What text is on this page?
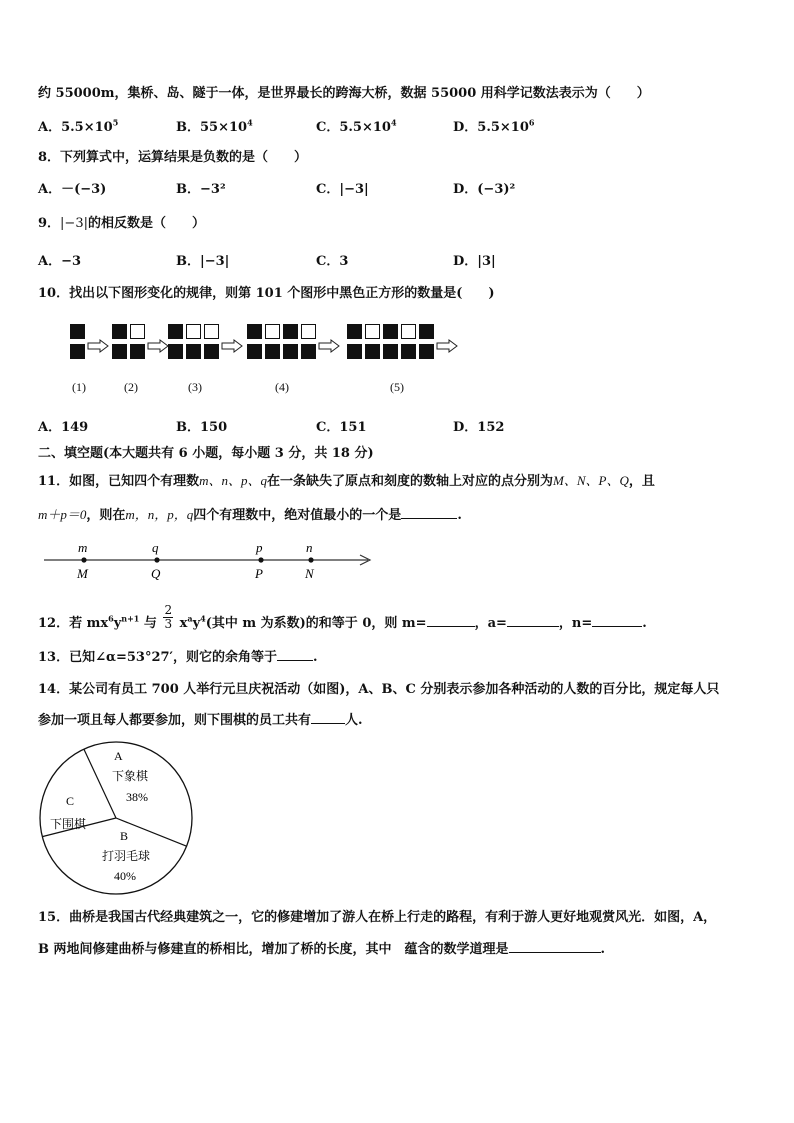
约 55000m，集桥、岛、隧于一体，是世界最长的跨海大桥，数据 55000 用科学记数法表示为（　　）
A．$5.5\times 10^5$	B．$55\times 10^4$	C．$5.5\times 10^4$	D．$5.5\times 10^6$
8．下列算式中，运算结果是负数的是（　　）
A．－(−3)	B．−3²	C．|−3|	D．(−3)²
9．|−3|的相反数是（　　）
A．−3	B．|−3|	C．3	D．|3|
10．找出以下图形变化的规律，则第 101 个图形中黑色正方形的数量是(　　)
(1)	(2)	(3)	(4)	(5)
A．149	B．150	C．151	D．152
二、填空题(本大题共有 6 小题，每小题 3 分，共 18 分)
11．如图，已知四个有理数m、n、p、q在一条缺失了原点和刻度的数轴上对应的点分别为M、N、P、Q，且
m＋p＝0，则在m，n，p，q四个有理数中，绝对值最小的一个是	.
m	q	p	n
M	Q	P	N
12．若 $mx^6y^{n+1}$ 与 $\frac{2}{3} x^ay^4$(其中 m 为系数)的和等于 0，则 m=	，a=	，n=	.
13．已知∠α=53°27′，则它的余角等于	.
14．某公司有员工 700 人举行元旦庆祝活动（如图)，A、B、C 分别表示参加各种活动的人数的百分比，规定每人只
参加一项且每人都要参加，则下围棋的员工共有	人.
A
下象棋
38%
B
打羽毛球
40%
C
下围棋
15．曲桥是我国古代经典建筑之一，它的修建增加了游人在桥上行走的路程，有利于游人更好地观赏风光．如图，A，
B 两地间修建曲桥与修建直的桥相比，增加了桥的长度，其中　蕴含的数学道理是	.
